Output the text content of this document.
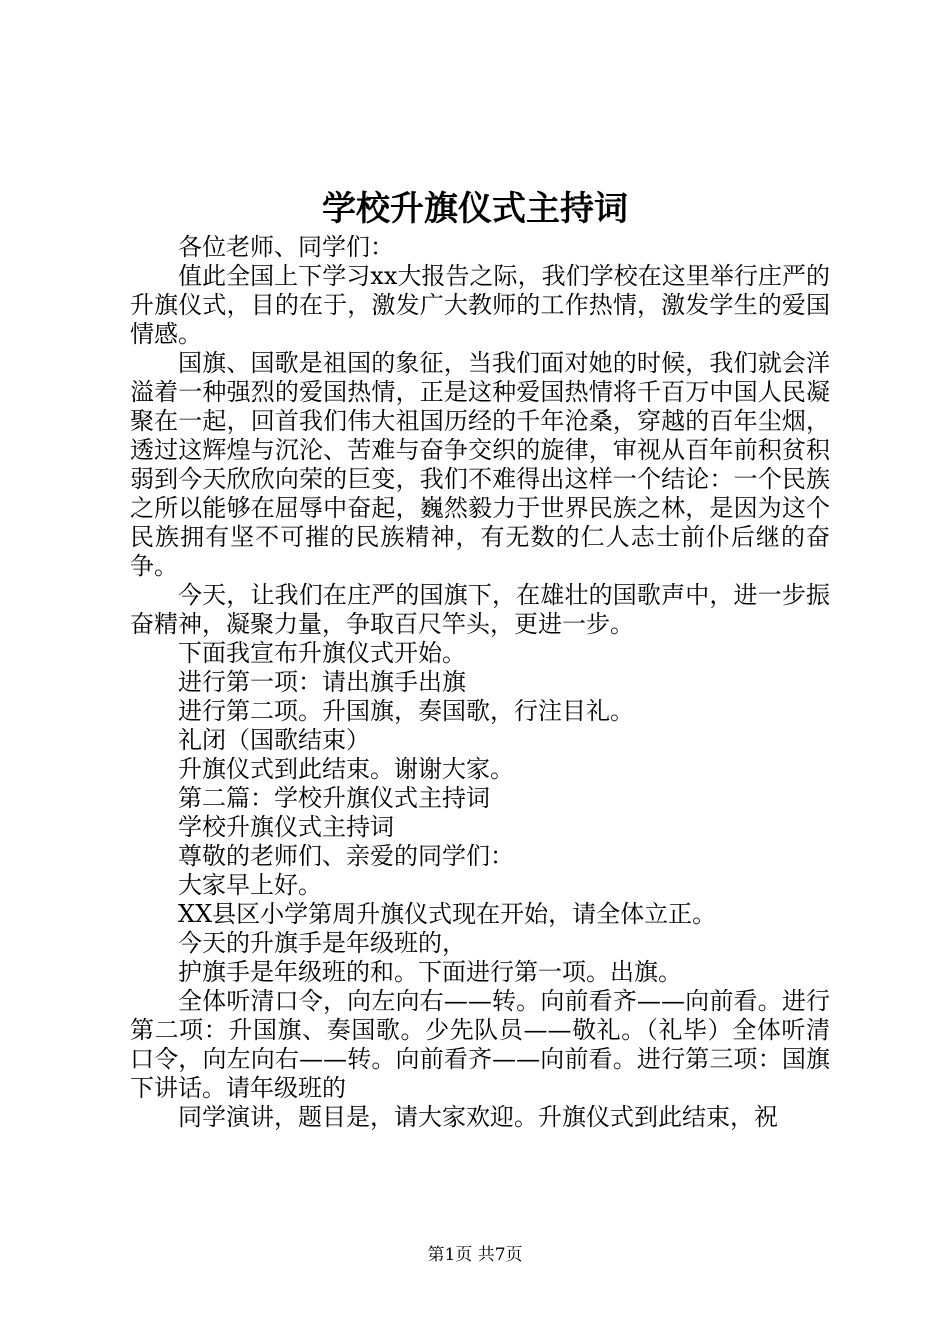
学校升旗仪式主持词

各位老师、同学们：

值此全国上下学习xx大报告之际，我们学校在这里举行庄严的升旗仪式，目的在于，激发广大教师的工作热情，激发学生的爱国情感。

国旗、国歌是祖国的象征，当我们面对她的时候，我们就会洋溢着一种强烈的爱国热情，正是这种爱国热情将千百万中国人民凝聚在一起，回首我们伟大祖国历经的千年沧桑，穿越的百年尘烟，透过这辉煌与沉沦、苦难与奋争交织的旋律，审视从百年前积贫积弱到今天欣欣向荣的巨变，我们不难得出这样一个结论：一个民族之所以能够在屈辱中奋起，巍然毅力于世界民族之林，是因为这个民族拥有坚不可摧的民族精神，有无数的仁人志士前仆后继的奋争。

今天，让我们在庄严的国旗下，在雄壮的国歌声中，进一步振奋精神，凝聚力量，争取百尺竿头，更进一步。

下面我宣布升旗仪式开始。

进行第一项：请出旗手出旗

进行第二项。升国旗，奏国歌，行注目礼。

礼闭（国歌结束）

升旗仪式到此结束。谢谢大家。

第二篇：学校升旗仪式主持词

学校升旗仪式主持词

尊敬的老师们、亲爱的同学们：

大家早上好。

XX县区小学第周升旗仪式现在开始，请全体立正。

今天的升旗手是年级班的，

护旗手是年级班的和。下面进行第一项。出旗。

全体听清口令，向左向右——转。向前看齐——向前看。进行第二项：升国旗、奏国歌。少先队员——敬礼。（礼毕）全体听清口令，向左向右——转。向前看齐——向前看。进行第三项：国旗下讲话。请年级班的

同学演讲，题目是，请大家欢迎。升旗仪式到此结束，祝

第1页 共7页
